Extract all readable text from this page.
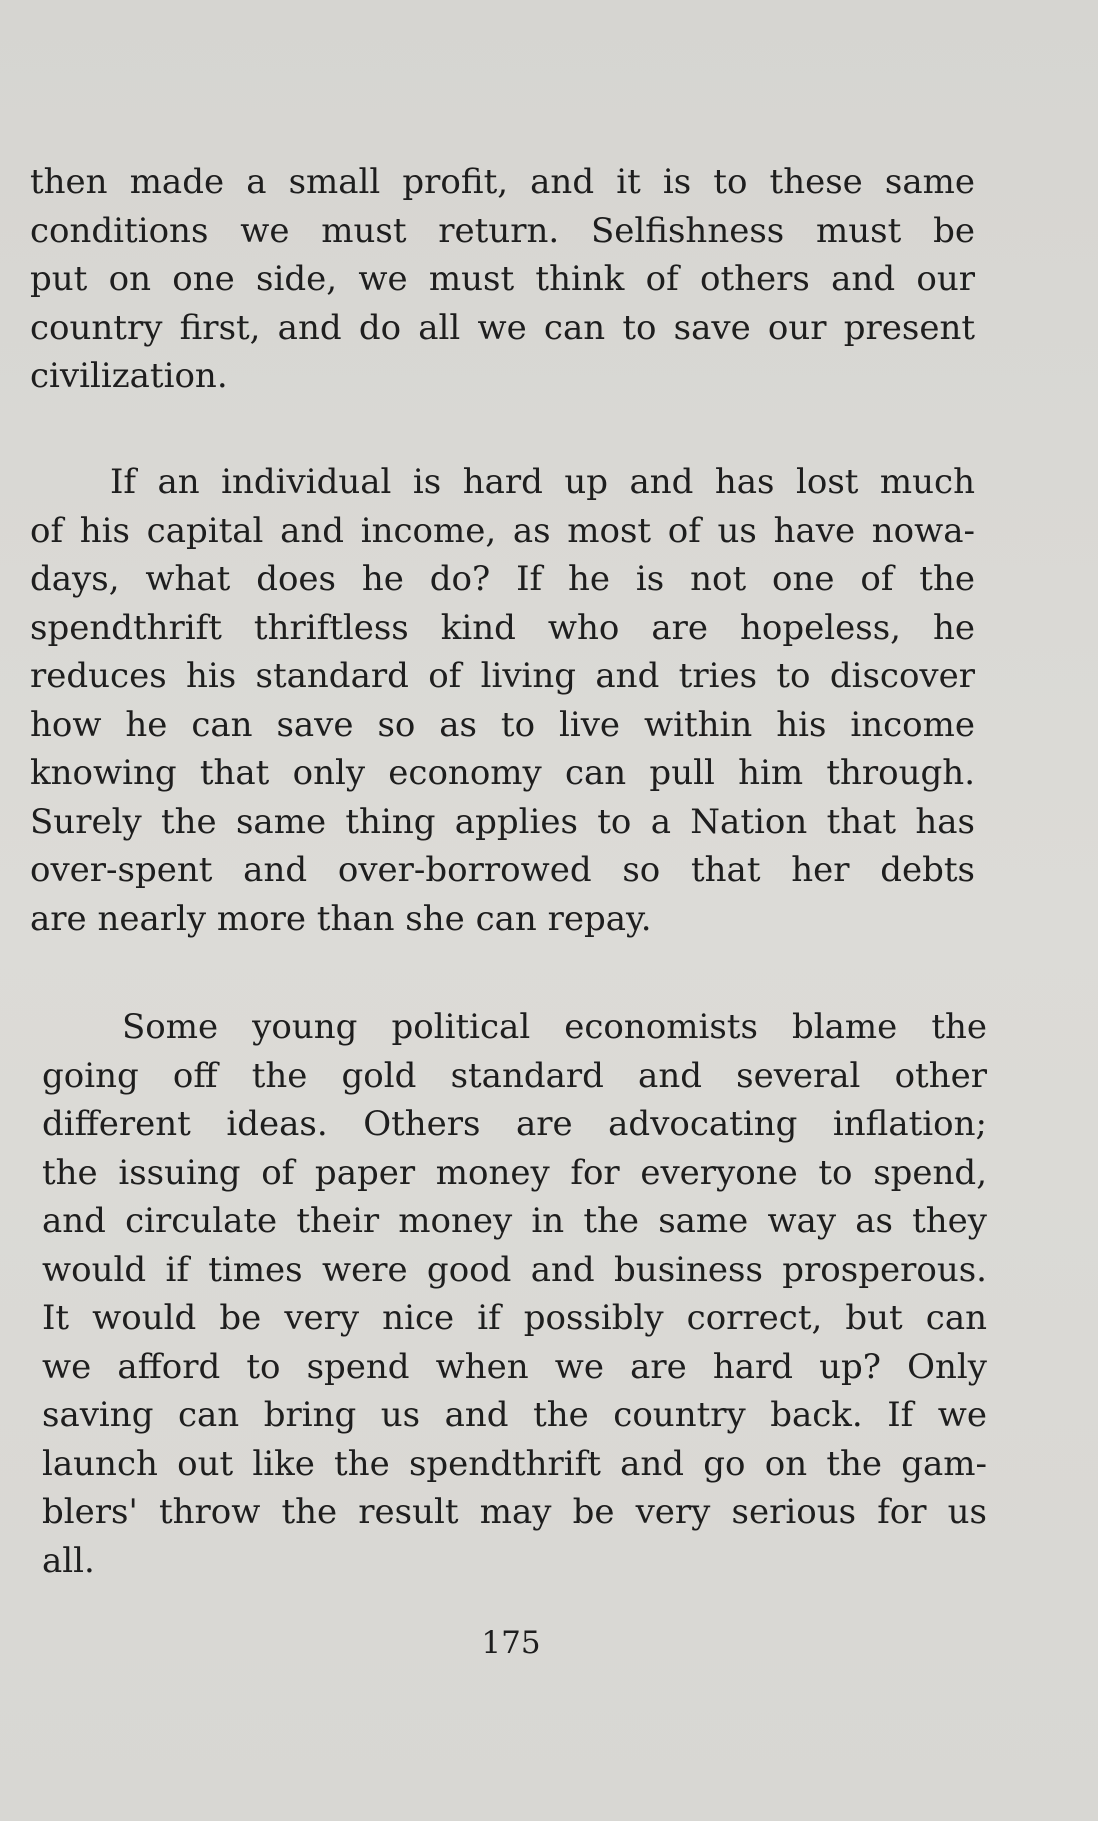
then made a small profit, and it is to these same
conditions we must return. Selfishness must be
put on one side, we must think of others and our
country first, and do all we can to save our present
civilization.
If an individual is hard up and has lost much
of his capital and income, as most of us have nowa-
days, what does he do? If he is not one of the
spendthrift thriftless kind who are hopeless, he
reduces his standard of living and tries to discover
how he can save so as to live within his income
knowing that only economy can pull him through.
Surely the same thing applies to a Nation that has
over-spent and over-borrowed so that her debts
are nearly more than she can repay.
Some young political economists blame the
going off the gold standard and several other
different ideas. Others are advocating inflation;
the issuing of paper money for everyone to spend,
and circulate their money in the same way as they
would if times were good and business prosperous.
It would be very nice if possibly correct, but can
we afford to spend when we are hard up? Only
saving can bring us and the country back. If we
launch out like the spendthrift and go on the gam-
blers' throw the result may be very serious for us
all.
175
